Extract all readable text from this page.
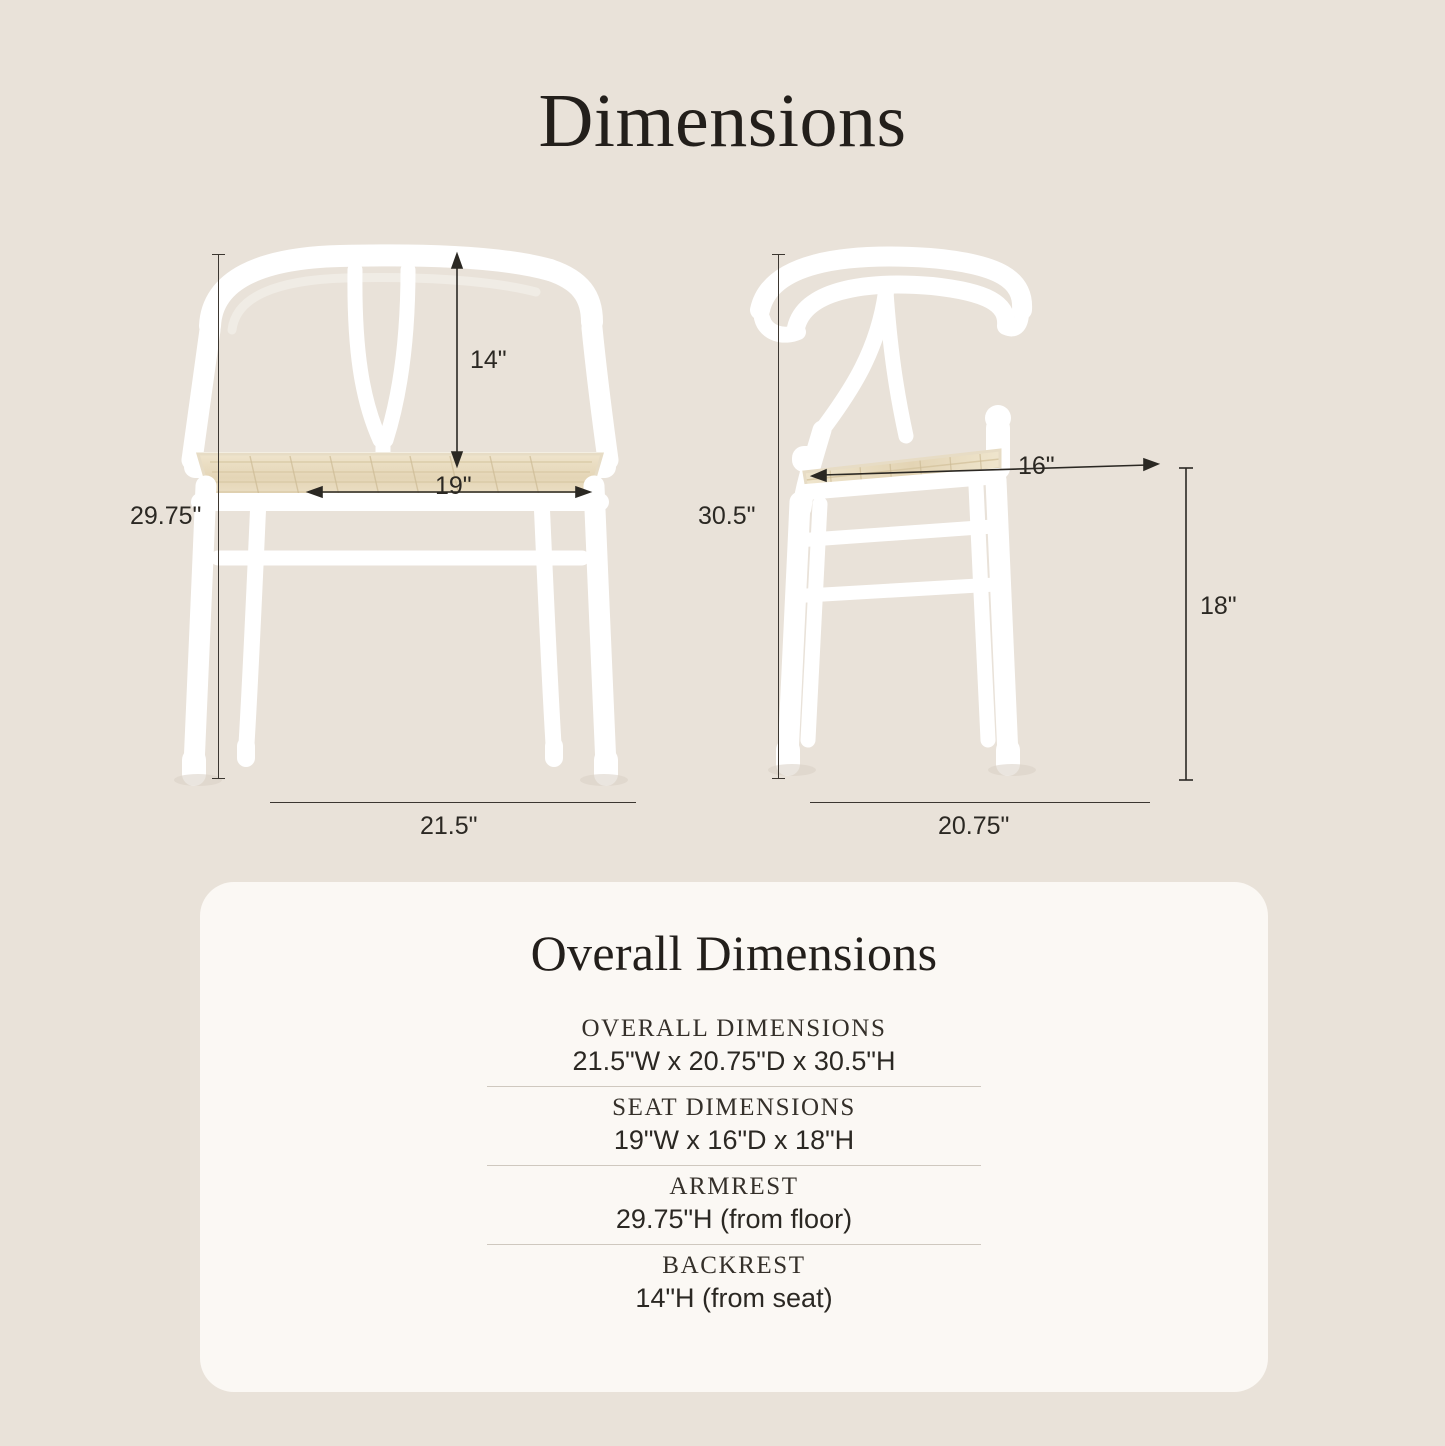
Dimensions
29.75"
21.5"
14"
19"
30.5"
20.75"
16"
18"
Overall Dimensions
OVERALL DIMENSIONS
21.5"W x 20.75"D x 30.5"H
SEAT DIMENSIONS
19"W x 16"D x 18"H
ARMREST
29.75"H (from floor)
BACKREST
14"H (from seat)
